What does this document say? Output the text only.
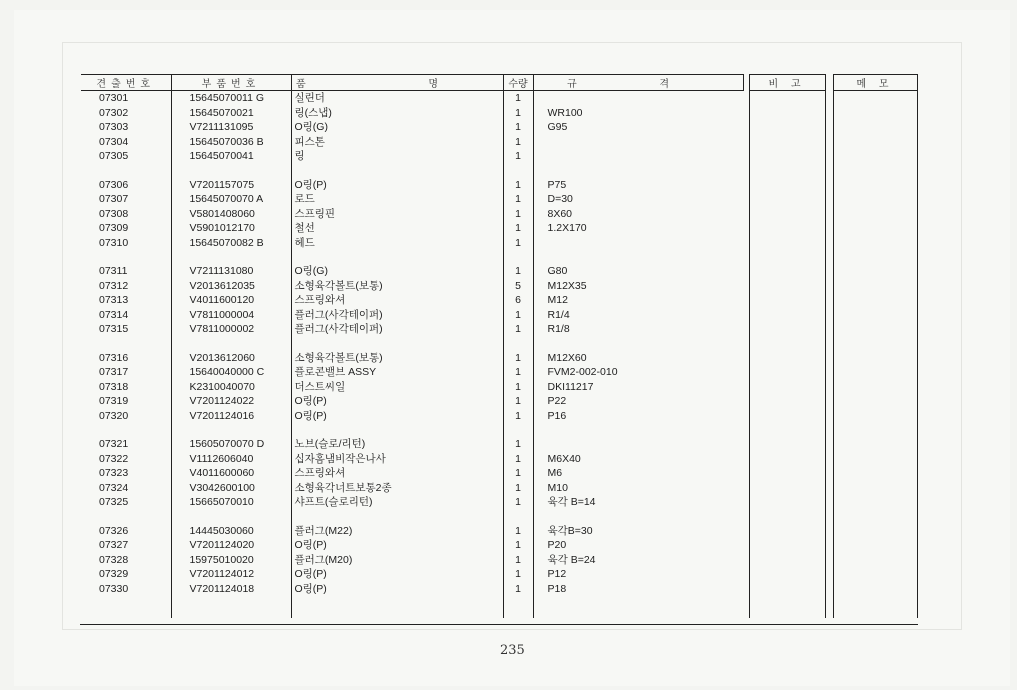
견출번호	부품번호	품 명	수량	규 격		비 고		메 모
07301	15645070011 G	실린더	1					
07302	15645070021	링(스냅)	1	WR100				
07303	V7211131095	O링(G)	1	G95				
07304	15645070036 B	피스톤	1					
07305	15645070041	링	1					

07306	V7201157075	O링(P)	1	P75				
07307	15645070070 A	로드	1	D=30				
07308	V5801408060	스프링핀	1	8X60				
07309	V5901012170	철선	1	1.2X170				
07310	15645070082 B	헤드	1					

07311	V7211131080	O링(G)	1	G80				
07312	V2013612035	소형육각볼트(보통)	5	M12X35				
07313	V4011600120	스프링와셔	6	M12				
07314	V7811000004	플러그(사각테이퍼)	1	R1/4				
07315	V7811000002	플러그(사각테이퍼)	1	R1/8				

07316	V2013612060	소형육각볼트(보통)	1	M12X60				
07317	15640040000 C	플로콘밸브 ASSY	1	FVM2-002-010				
07318	K2310040070	더스트씨일	1	DKI11217				
07319	V7201124022	O링(P)	1	P22				
07320	V7201124016	O링(P)	1	P16				

07321	15605070070 D	노브(슬로/리턴)	1					
07322	V1112606040	십자홈냄비작은나사	1	M6X40				
07323	V4011600060	스프링와셔	1	M6				
07324	V3042600100	소형육각너트보통2종	1	M10				
07325	15665070010	샤프트(슬로리턴)	1	육각 B=14				

07326	14445030060	플러그(M22)	1	육각B=30				
07327	V7201124020	O링(P)	1	P20				
07328	15975010020	플러그(M20)	1	육각 B=24				
07329	V7201124012	O링(P)	1	P12				
07330	V7201124018	O링(P)	1	P18				

235
